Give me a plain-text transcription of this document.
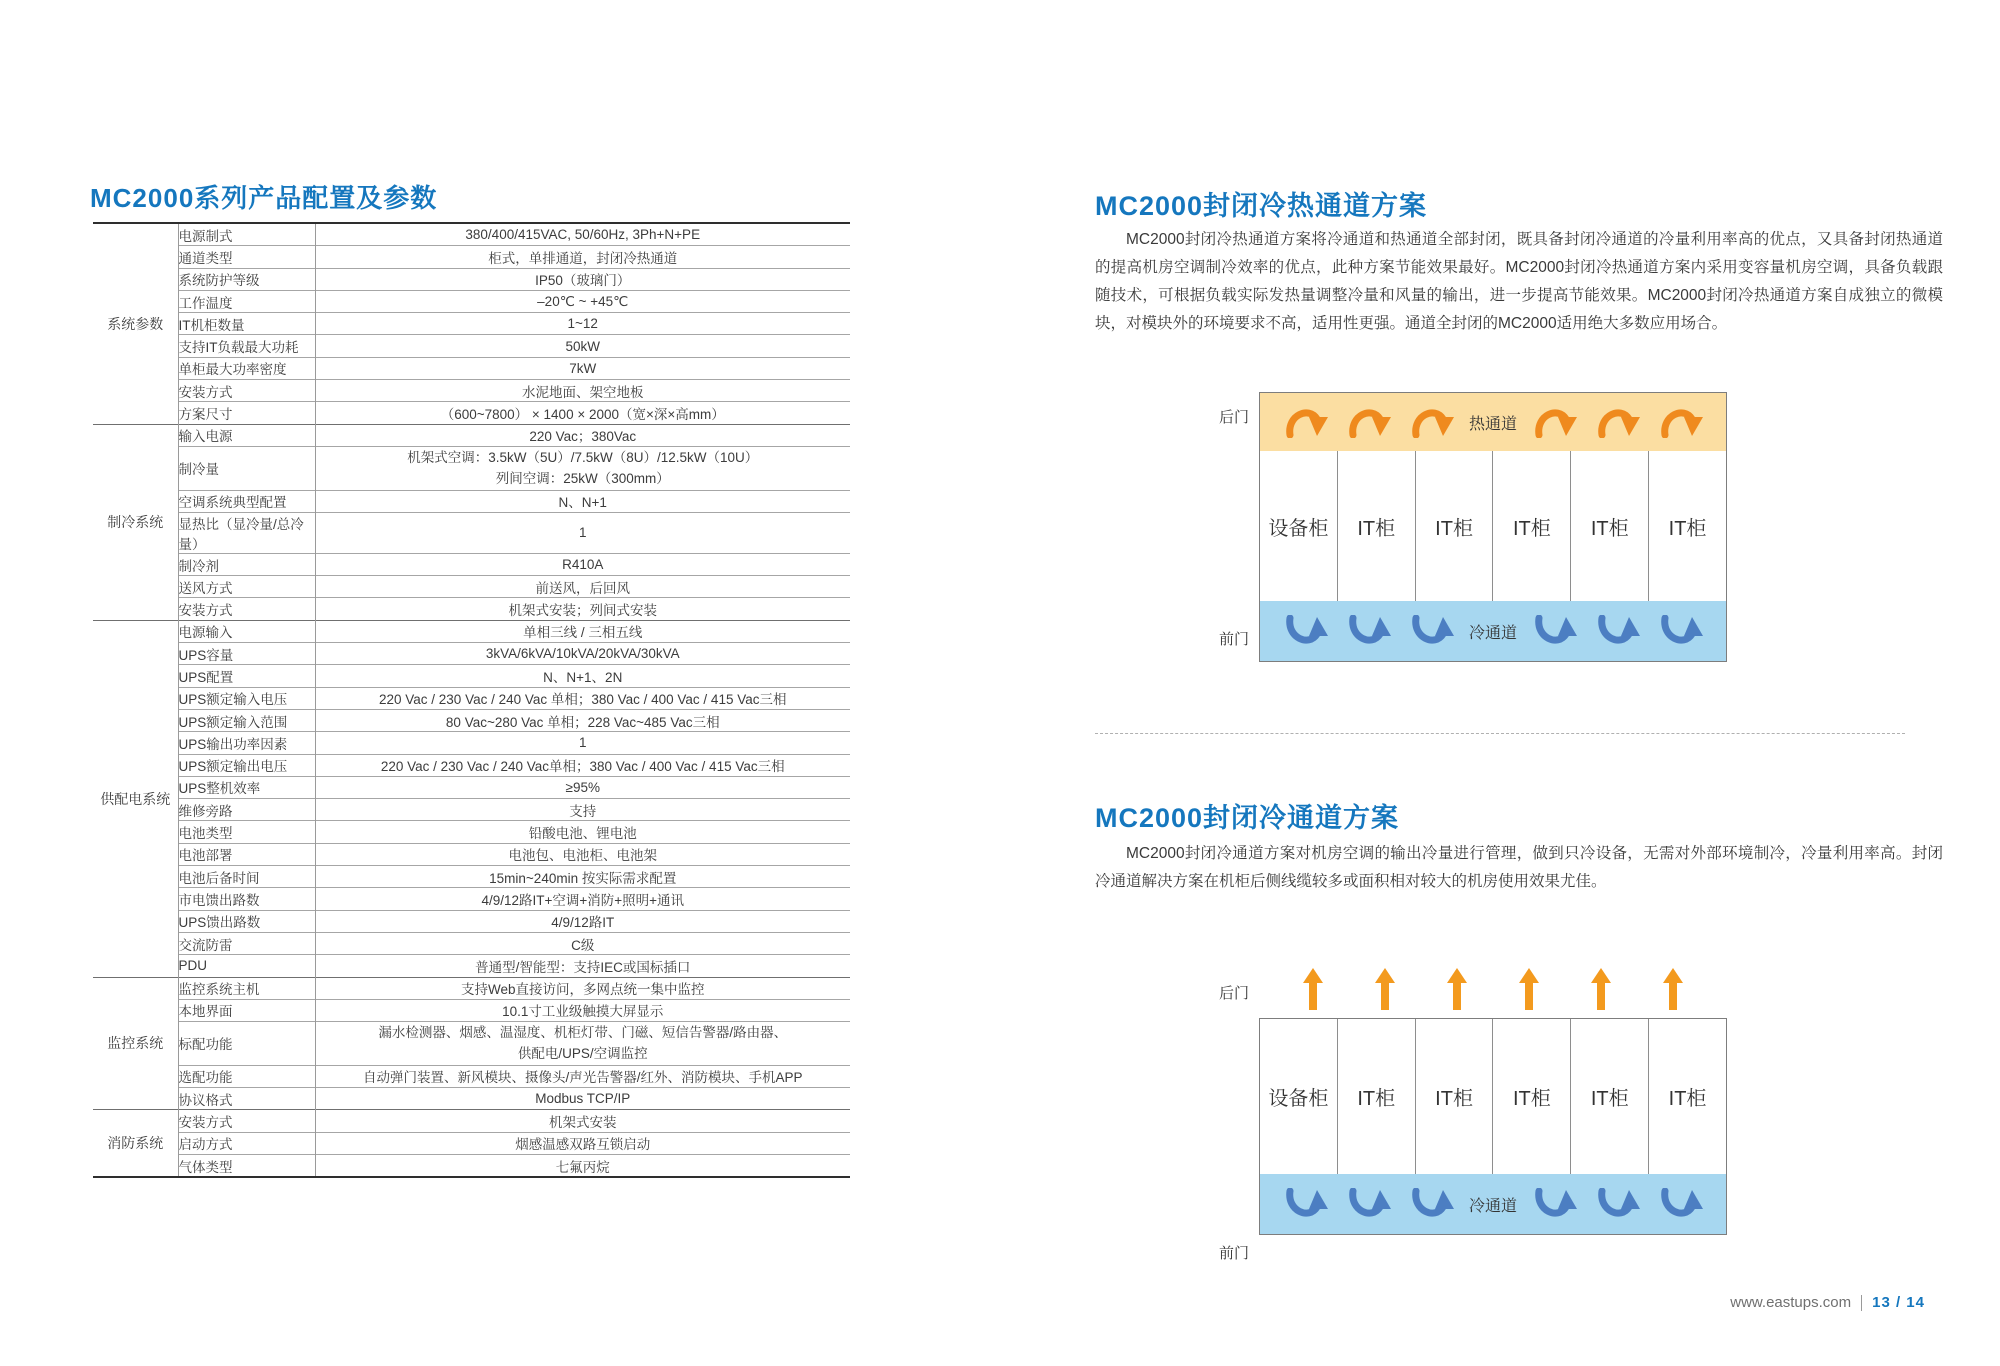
MC2000系列产品配置及参数
系统参数	电源制式	380/400/415VAC, 50/60Hz, 3Ph+N+PE
	通道类型	柜式，单排通道，封闭冷热通道
	系统防护等级	IP50（玻璃门）
	工作温度	–20℃ ~ +45℃
	IT机柜数量	1~12
	支持IT负载最大功耗	50kW
	单柜最大功率密度	7kW
	安装方式	水泥地面、架空地板
	方案尺寸	（600~7800） × 1400 × 2000（宽×深×高mm）
制冷系统	输入电源	220 Vac；380Vac
	制冷量	机架式空调：3.5kW（5U）/7.5kW（8U）/12.5kW（10U）
列间空调：25kW（300mm）

	空调系统典型配置	N、N+1
	显热比（显冷量/总冷量）	1
	制冷剂	R410A
	送风方式	前送风，后回风
	安装方式	机架式安装；列间式安装
供配电系统	电源输入	单相三线 / 三相五线
	UPS容量	3kVA/6kVA/10kVA/20kVA/30kVA
	UPS配置	N、N+1、2N
	UPS额定输入电压	220 Vac / 230 Vac / 240 Vac 单相；380 Vac / 400 Vac / 415 Vac三相
	UPS额定输入范围	80 Vac~280 Vac 单相；228 Vac~485 Vac三相
	UPS输出功率因素	1
	UPS额定输出电压	220 Vac / 230 Vac / 240 Vac单相；380 Vac / 400 Vac / 415 Vac三相
	UPS整机效率	≥95%
	维修旁路	支持
	电池类型	铅酸电池、锂电池
	电池部署	电池包、电池柜、电池架
	电池后备时间	15min~240min 按实际需求配置
	市电馈出路数	4/9/12路IT+空调+消防+照明+通讯
	UPS馈出路数	4/9/12路IT
	交流防雷	C级
	PDU	普通型/智能型：支持IEC或国标插口
监控系统	监控系统主机	支持Web直接访问，多网点统一集中监控
	本地界面	10.1寸工业级触摸大屏显示
	标配功能	漏水检测器、烟感、温湿度、机柜灯带、门磁、短信告警器/路由器、
供配电/UPS/空调监控

	选配功能	自动弹门装置、新风模块、摄像头/声光告警器/红外、消防模块、手机APP
	协议格式	Modbus TCP/IP
消防系统	安装方式	机架式安装
	启动方式	烟感温感双路互锁启动
	气体类型	七氟丙烷
MC2000封闭冷热通道方案
MC2000封闭冷热通道方案将冷通道和热通道全部封闭，既具备封闭冷通道的冷量利用率高的优点，又具备封闭热通道的提高机房空调制冷效率的优点，此种方案节能效果最好。MC2000封闭冷热通道方案内采用变容量机房空调，具备负载跟随技术，可根据负载实际发热量调整冷量和风量的输出，进一步提高节能效果。MC2000封闭冷热通道方案自成独立的微模块，对模块外的环境要求不高，适用性更强。通道全封闭的MC2000适用绝大多数应用场合。
后门
前门
热通道
设备柜	IT柜	IT柜	IT柜	IT柜	IT柜
冷通道
MC2000封闭冷通道方案
MC2000封闭冷通道方案对机房空调的输出冷量进行管理，做到只冷设备，无需对外部环境制冷，冷量利用率高。封闭冷通道解决方案在机柜后侧线缆较多或面积相对较大的机房使用效果尤佳。
后门
前门
设备柜	IT柜	IT柜	IT柜	IT柜	IT柜
冷通道
www.eastups.com 13 / 14
